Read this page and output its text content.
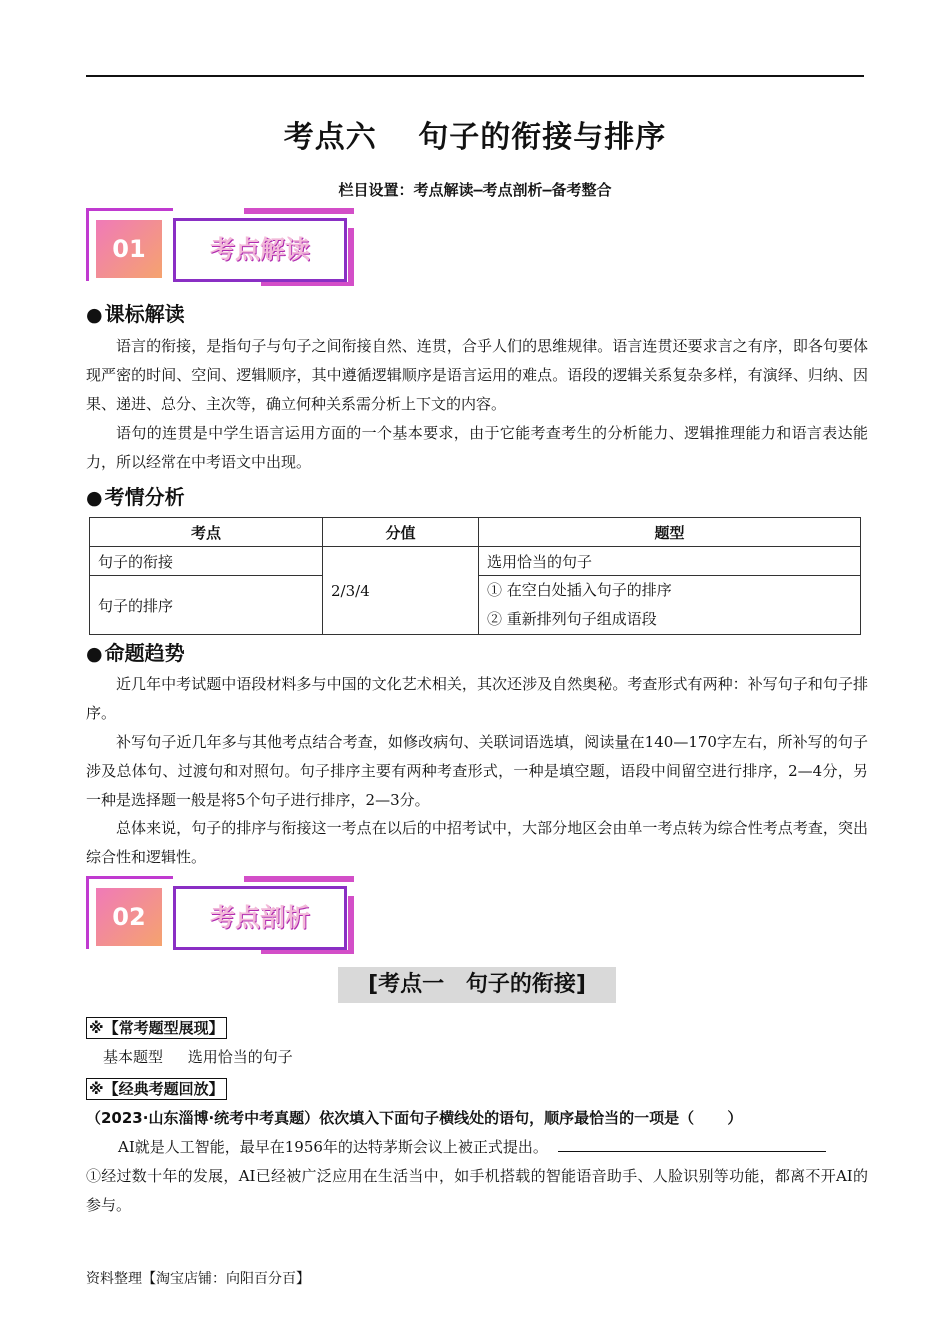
考点六 句子的衔接与排序
栏目设置：考点解读—考点剖析—备考整合
01	考点解读
● 课标解读

语言的衔接，是指句子与句子之间衔接自然、连贯，合乎人们的思维规律。语言连贯还要求言之有序，即各句要体现严密的时间、空间、逻辑顺序，其中遵循逻辑顺序是语言运用的难点。语段的逻辑关系复杂多样，有演绎、归纳、因果、递进、总分、主次等，确立何种关系需分析上下文的内容。

语句的连贯是中学生语言运用方面的一个基本要求，由于它能考查考生的分析能力、逻辑推理能力和语言表达能力，所以经常在中考语文中出现。

● 考情分析
考点	分值	题型
句子的衔接	2/3/4	选用恰当的句子
句子的排序		① 在空白处插入句子的排序
② 重新排列句子组成语段
● 命题趋势

近几年中考试题中语段材料多与中国的文化艺术相关，其次还涉及自然奥秘。考查形式有两种：补写句子和句子排序。

补写句子近几年多与其他考点结合考查，如修改病句、关联词语选填，阅读量在140—170字左右，所补写的句子涉及总体句、过渡句和对照句。句子排序主要有两种考查形式，一种是填空题，语段中间留空进行排序，2—4分，另一种是选择题一般是将5个句子进行排序，2—3分。

总体来说，句子的排序与衔接这一考点在以后的中招考试中，大部分地区会由单一考点转为综合性考点考查，突出综合性和逻辑性。

02	考点剖析
[考点一 句子的衔接]
※【常考题型展现】
基本题型 选用恰当的句子
※【经典考题回放】
（2023·山东淄博·统考中考真题）依次填入下面句子横线处的语句，顺序最恰当的一项是（ ）
AI就是人工智能，最早在1956年的达特茅斯会议上被正式提出。

①经过数十年的发展，AI已经被广泛应用在生活当中，如手机搭载的智能语音助手、人脸识别等功能，都离不开AI的参与。

资料整理【淘宝店铺：向阳百分百】
